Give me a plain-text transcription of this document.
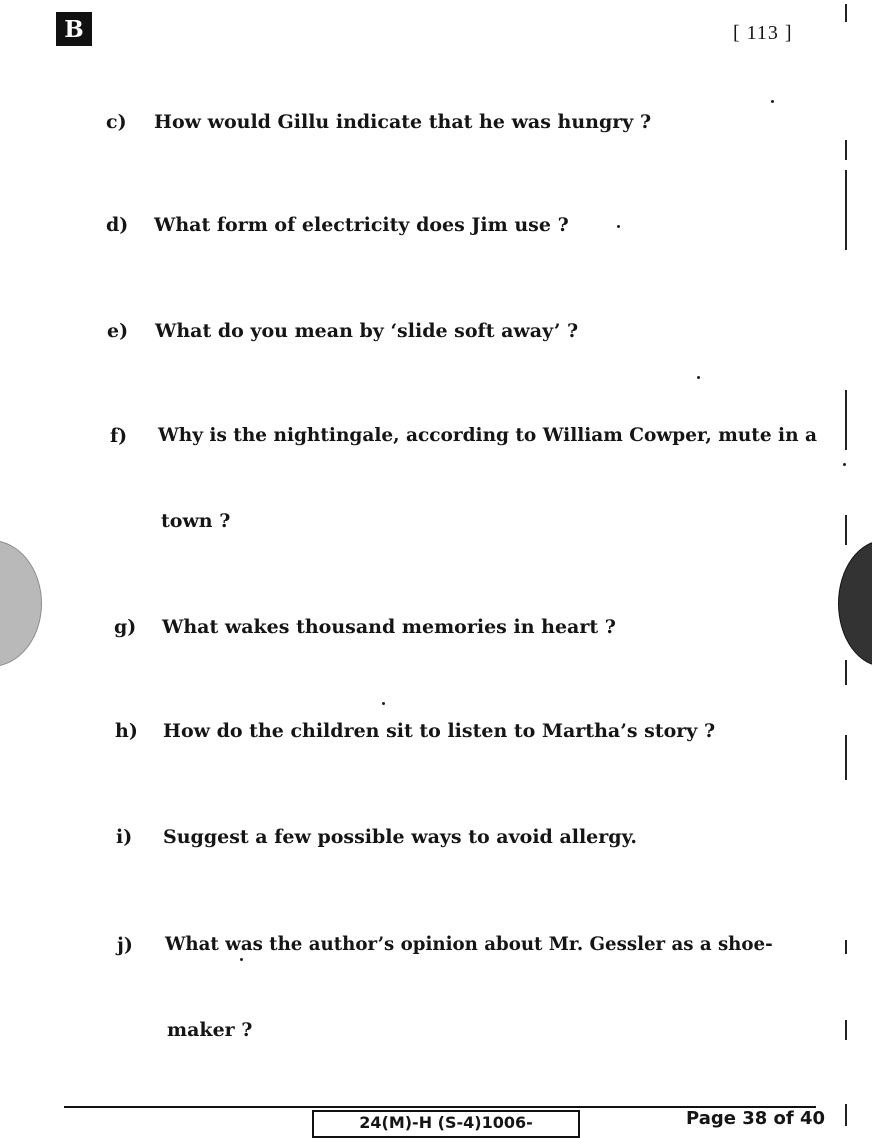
B	[ 113 ]
c) How would Gillu indicate that he was hungry ?
d) What form of electricity does Jim use ?
e) What do you mean by ‘slide soft away’ ?
f) Why is the nightingale, according to William Cowper, mute in a
town ?
g) What wakes thousand memories in heart ?
h) How do the children sit to listen to Martha’s story ?
i) Suggest a few possible ways to avoid allergy.
j) What was the author’s opinion about Mr. Gessler as a shoe-
maker ?
24(M)-H (S-4)1006-	Page 38 of 40
